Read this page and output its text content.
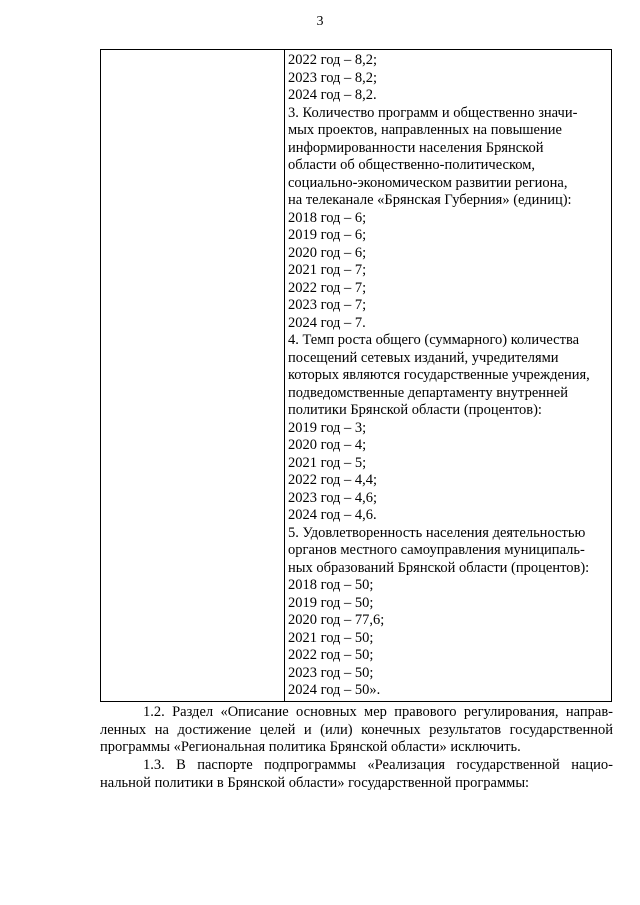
3
2022 год – 8,2;
2023 год – 8,2;
2024 год – 8,2.
3. Количество программ и общественно значи-
мых проектов, направленных на повышение
информированности населения Брянской
области об общественно-политическом,
социально-экономическом развитии региона,
на телеканале «Брянская Губерния» (единиц):
2018 год – 6;
2019 год – 6;
2020 год – 6;
2021 год – 7;
2022 год – 7;
2023 год – 7;
2024 год – 7.
4. Темп роста общего (суммарного) количества
посещений сетевых изданий, учредителями
которых являются государственные учреждения,
подведомственные департаменту внутренней
политики Брянской области (процентов):
2019 год – 3;
2020 год – 4;
2021 год – 5;
2022 год – 4,4;
2023 год – 4,6;
2024 год – 4,6.
5. Удовлетворенность населения деятельностью
органов местного самоуправления муниципаль-
ных образований Брянской области (процентов):
2018 год – 50;
2019 год – 50;
2020 год – 77,6;
2021 год – 50;
2022 год – 50;
2023 год – 50;
2024 год – 50».
1.2. Раздел «Описание основных мер правового регулирования, направ-
ленных на достижение целей и (или) конечных результатов государственной
программы «Региональная политика Брянской области» исключить.
1.3. В паспорте подпрограммы «Реализация государственной нацио-
нальной политики в Брянской области» государственной программы:
